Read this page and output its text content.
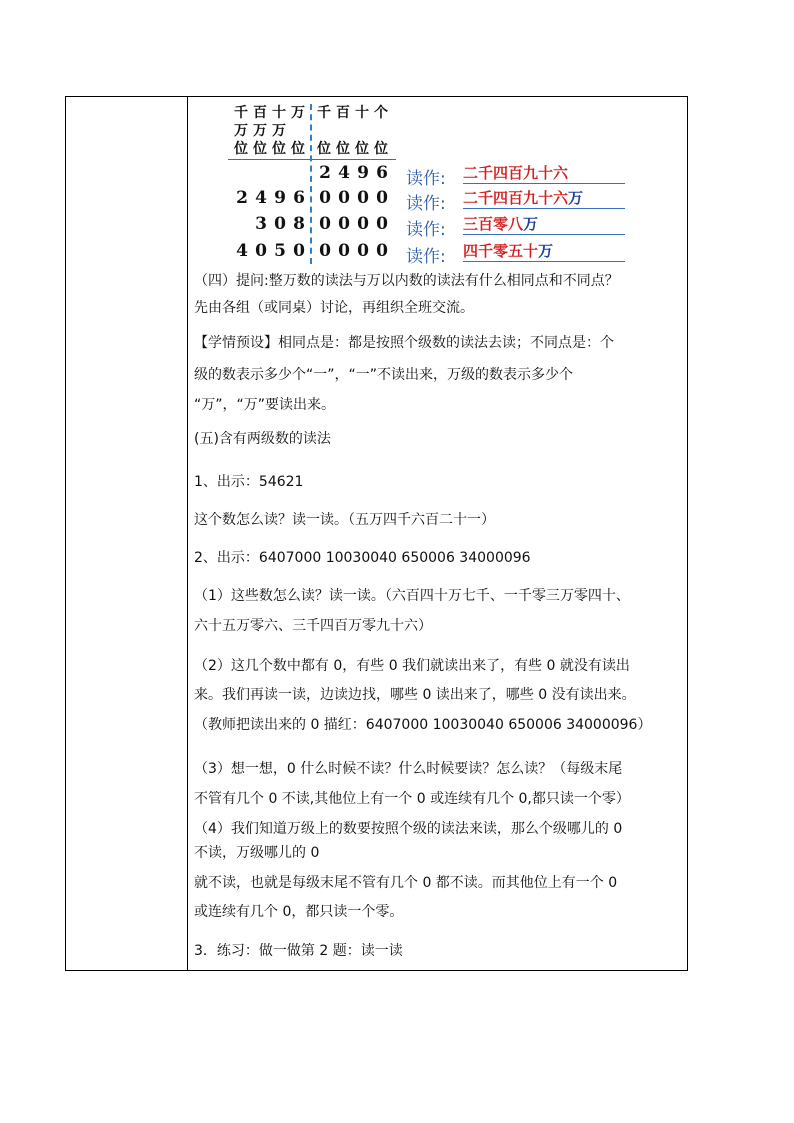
千
万
位
百
万
位
十
万
位
万
位
千
位
百
位
十
位
个
位
2 4 9 6 读作: 二千四百九十六
2 4 9 6 0 0 0 0 读作: 二千四百九十六万
3 0 8 0 0 0 0 读作: 三百零八万
4 0 5 0 0 0 0 0 读作: 四千零五十万
（四）提问:整万数的读法与万以内数的读法有什么相同点和不同点？
先由各组（或同桌）讨论，再组织全班交流。
【学情预设】相同点是：都是按照个级数的读法去读；不同点是：个
级的数表示多少个“一”，“一”不读出来，万级的数表示多少个
“万”，“万”要读出来。
(五)含有两级数的读法
1、出示：54621
这个数怎么读？读一读。（五万四千六百二十一）
2、出示：6407000 10030040 650006 34000096
（1）这些数怎么读？读一读。（六百四十万七千、一千零三万零四十、
六十五万零六、三千四百万零九十六）
（2）这几个数中都有 0，有些 0 我们就读出来了，有些 0 就没有读出
来。我们再读一读，边读边找，哪些 0 读出来了，哪些 0 没有读出来。
（教师把读出来的 0 描红：6407000 10030040 650006 34000096）
（3）想一想，0 什么时候不读？什么时候要读？怎么读？（每级末尾
不管有几个 0 不读,其他位上有一个 0 或连续有几个 0,都只读一个零）
（4）我们知道万级上的数要按照个级的读法来读，那么个级哪儿的 0
不读，万级哪儿的 0
就不读，也就是每级末尾不管有几个 0 都不读。而其他位上有一个 0
或连续有几个 0，都只读一个零。
3．练习：做一做第 2 题：读一读
